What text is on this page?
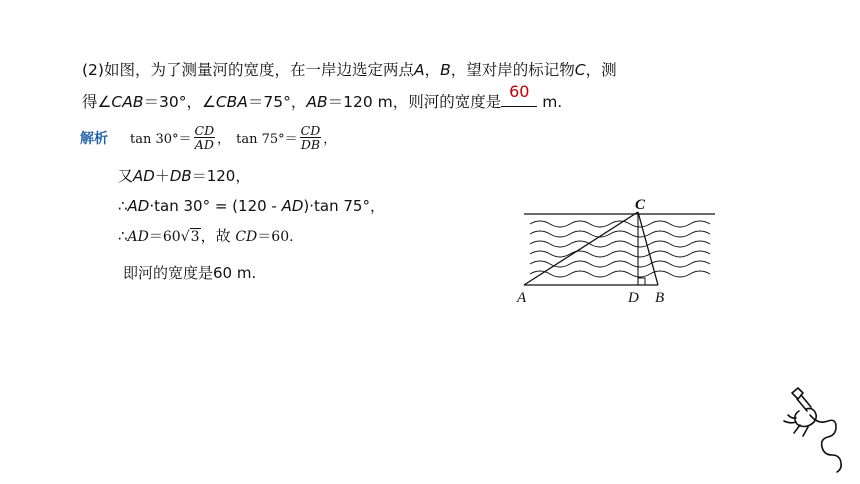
(2)如图，为了测量河的宽度，在一岸边选定两点A，B，望对岸的标记物C，测
得∠CAB＝30°，∠CBA＝75°，AB＝120 m，则河的宽度是
60
m.
解析 $\tan 30^\circ= \frac{CD}{AD}$ ， $\tan 75^\circ= \frac{CD}{DB}$ ，
又AD＋DB＝120，
∴AD·tan 30° = (120 - AD)·tan 75°，
∴AD＝60√3，故 CD＝60.
即河的宽度是60 m.
C
A	D B
